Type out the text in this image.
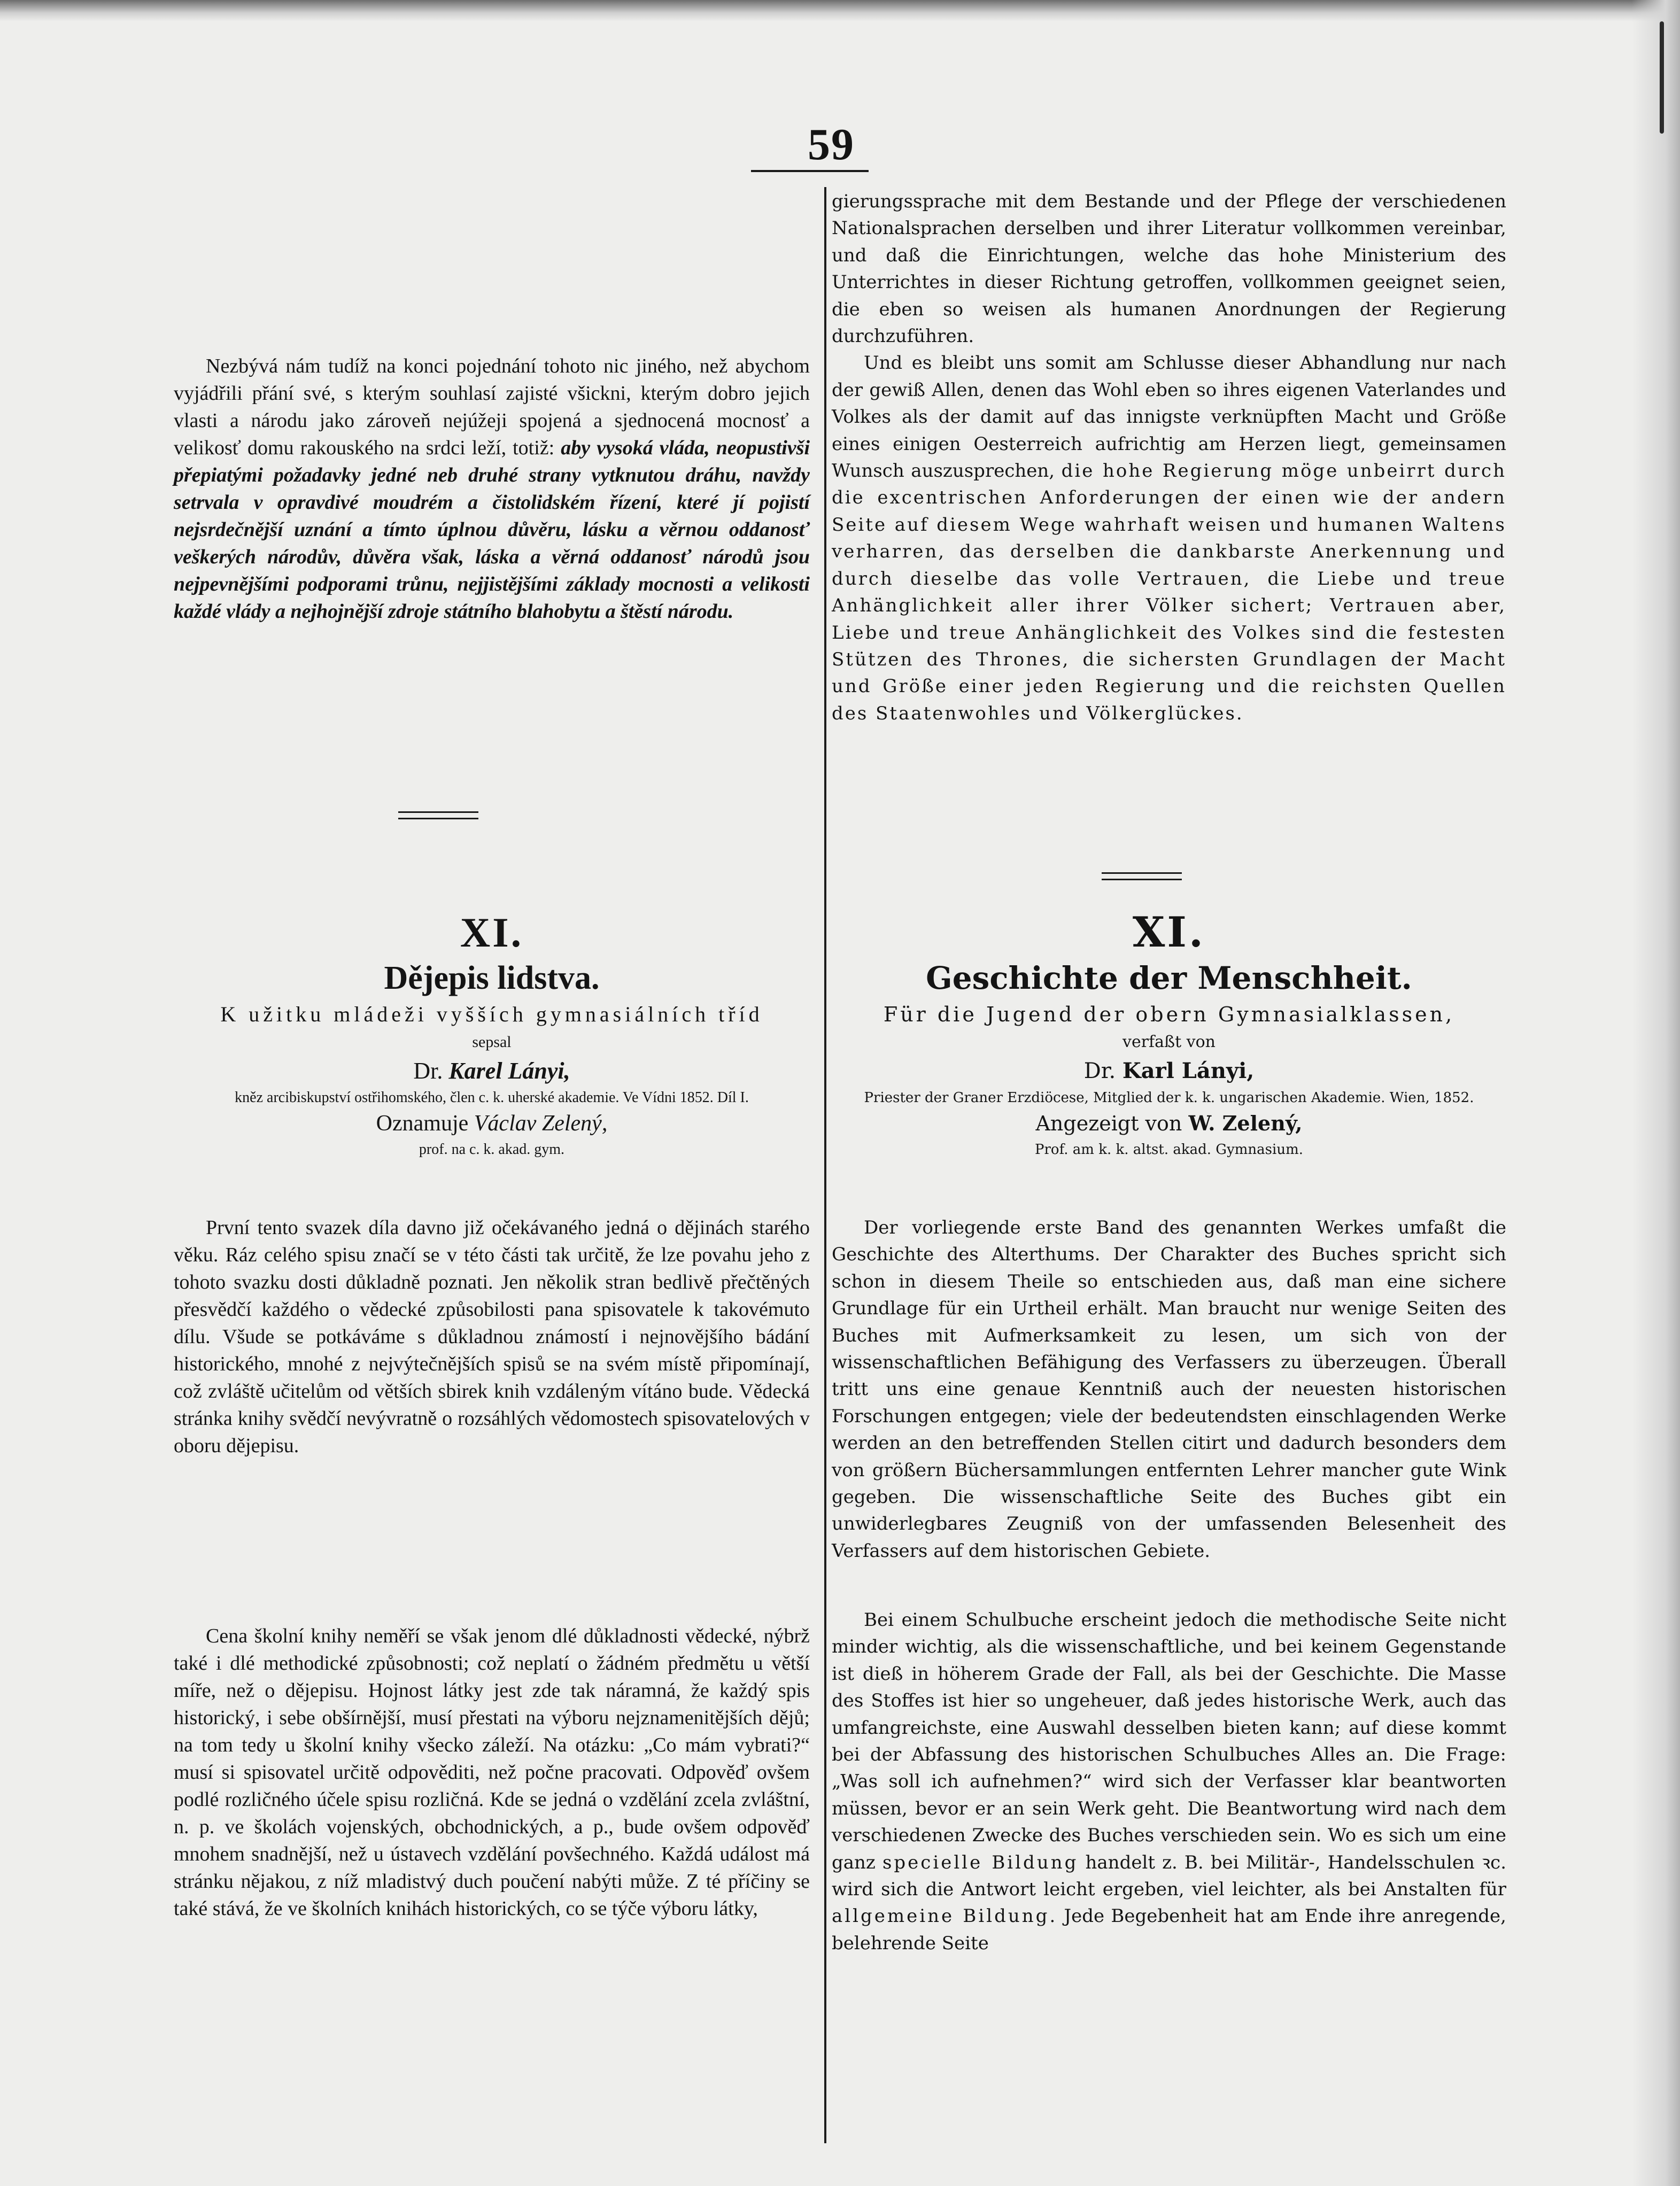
59

Nezbývá nám tudíž na konci pojednání tohoto nic jiného, než abychom vyjádřili přání své, s kterým souhlasí zajisté všickni, kterým dobro jejich vlasti a národu jako zároveň nejúžeji spojená a sjednocená mocnosť a velikosť domu rakouského na srdci leží, totiž: aby vysoká vláda, neopustivši přepiatými požadavky jedné neb druhé strany vytknutou dráhu, navždy setrvala v opravdivé moudrém a čistolidském řízení, které jí pojistí nejsrdečnější uznání a tímto úplnou důvěru, lásku a věrnou oddanosť veškerých národův, důvěra však, láska a věrná oddanosť národů jsou nejpevnějšími podporami trůnu, nejjistějšími základy mocnosti a velikosti každé vlády a nejhojnější zdroje státního blahobytu a štěstí národu.

XI.
Dějepis lidstva.
K užitku mládeži vyšších gymnasiálních tříd
sepsal
Dr. Karel Lányi,
kněz arcibiskupství ostřihomského, člen c. k. uherské akademie. Ve Vídni 1852. Díl I.
Oznamuje Václav Zelený,
prof. na c. k. akad. gym.

První tento svazek díla davno již očekávaného jedná o dějinách starého věku. Ráz celého spisu značí se v této části tak určitě, že lze povahu jeho z tohoto svazku dosti důkladně poznati. Jen několik stran bedlivě přečtěných přesvědčí každého o vědecké způsobilosti pana spisovatele k takovémuto dílu. Všude se potkáváme s důkladnou známostí i nejnovějšího bádání historického, mnohé z nejvýtečnějších spisů se na svém místě připomínají, což zvláště učitelům od větších sbirek knih vzdáleným vítáno bude. Vědecká stránka knihy svědčí nevývratně o rozsáhlých vědomostech spisovatelových v oboru dějepisu.

Cena školní knihy neměří se však jenom dlé důkladnosti vědecké, nýbrž také i dlé methodické způsobnosti; což neplatí o žádném předmětu u větší míře, než o dějepisu. Hojnost látky jest zde tak náramná, že každý spis historický, i sebe obšírnější, musí přestati na výboru nejznamenitějších dějů; na tom tedy u školní knihy všecko záleží. Na otázku: „Co mám vybrati?“ musí si spisovatel určitě odpověditi, než počne pracovati. Odpověď ovšem podlé rozličného účele spisu rozličná. Kde se jedná o vzdělání zcela zvláštní, n. p. ve školách vojenských, obchodnických, a p., bude ovšem odpověď mnohem snadnější, než u ústavech vzdělání povšechného. Každá událost má stránku nějakou, z níž mladistvý duch poučení nabýti může. Z té příčiny se také stává, že ve školních knihách historických, co se týče výboru látky,

gierungssprache mit dem Bestande und der Pflege der verschiedenen Nationalsprachen derselben und ihrer Literatur vollkommen vereinbar, und daß die Einrichtungen, welche das hohe Ministerium des Unterrichtes in dieser Richtung getroffen, vollkommen geeignet seien, die eben so weisen als humanen Anordnungen der Regierung durchzuführen.

Und es bleibt uns somit am Schlusse dieser Abhandlung nur nach der gewiß Allen, denen das Wohl eben so ihres eigenen Vaterlandes und Volkes als der damit auf das innigste verknüpften Macht und Größe eines einigen Oesterreich aufrichtig am Herzen liegt, gemeinsamen Wunsch auszusprechen, die hohe Regierung möge unbeirrt durch die excentrischen Anforderungen der einen wie der andern Seite auf diesem Wege wahrhaft weisen und humanen Waltens verharren, das derselben die dankbarste Anerkennung und durch dieselbe das volle Vertrauen, die Liebe und treue Anhänglichkeit aller ihrer Völker sichert; Vertrauen aber, Liebe und treue Anhänglichkeit des Volkes sind die festesten Stützen des Thrones, die sichersten Grundlagen der Macht und Größe einer jeden Regierung und die reichsten Quellen des Staatenwohles und Völkerglückes.

XI.
Geschichte der Menschheit.
Für die Jugend der obern Gymnasialklassen,
verfaßt von
Dr. Karl Lányi,
Priester der Graner Erzdiöcese, Mitglied der k. k. ungarischen Akademie. Wien, 1852.
Angezeigt von W. Zelený,
Prof. am k. k. altst. akad. Gymnasium.

Der vorliegende erste Band des genannten Werkes umfaßt die Geschichte des Alterthums. Der Charakter des Buches spricht sich schon in diesem Theile so entschieden aus, daß man eine sichere Grundlage für ein Urtheil erhält. Man braucht nur wenige Seiten des Buches mit Aufmerksamkeit zu lesen, um sich von der wissenschaftlichen Befähigung des Verfassers zu überzeugen. Überall tritt uns eine genaue Kenntniß auch der neuesten historischen Forschungen entgegen; viele der bedeutendsten einschlagenden Werke werden an den betreffenden Stellen citirt und dadurch besonders dem von größern Büchersammlungen entfernten Lehrer mancher gute Wink gegeben. Die wissenschaftliche Seite des Buches gibt ein unwiderlegbares Zeugniß von der umfassenden Belesenheit des Verfassers auf dem historischen Gebiete.

Bei einem Schulbuche erscheint jedoch die methodische Seite nicht minder wichtig, als die wissenschaftliche, und bei keinem Gegenstande ist dieß in höherem Grade der Fall, als bei der Geschichte. Die Masse des Stoffes ist hier so ungeheuer, daß jedes historische Werk, auch das umfangreichste, eine Auswahl desselben bieten kann; auf diese kommt bei der Abfassung des historischen Schulbuches Alles an. Die Frage: „Was soll ich aufnehmen?“ wird sich der Verfasser klar beantworten müssen, bevor er an sein Werk geht. Die Beantwortung wird nach dem verschiedenen Zwecke des Buches verschieden sein. Wo es sich um eine ganz specielle Bildung handelt z. B. bei Militär-, Handelsschulen ꝛc. wird sich die Antwort leicht ergeben, viel leichter, als bei Anstalten für allgemeine Bildung. Jede Begebenheit hat am Ende ihre anregende, belehrende Seite
